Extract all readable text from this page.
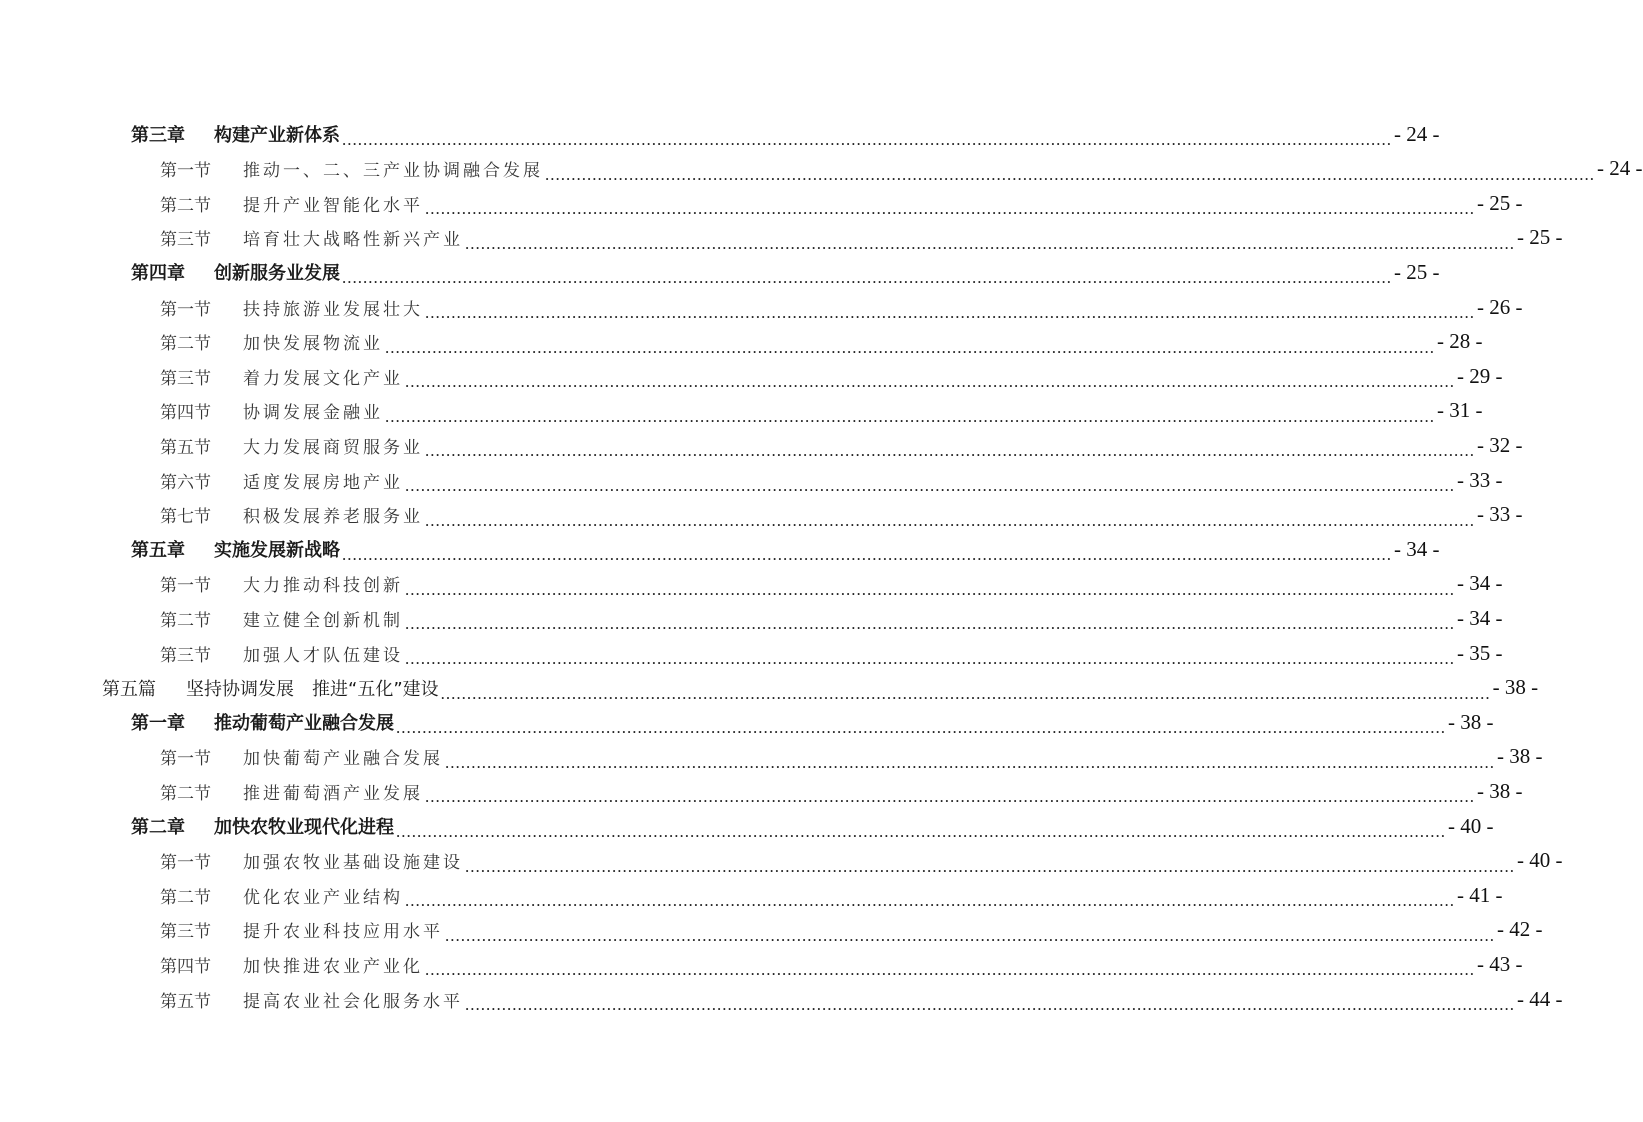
第三章	构建产业新体系 ........................................................................................................................................................................................................ - 24 -
第一节	推动一、二、三产业协调融合发展 ........................................................................................................................................................................................................ - 24 -
第二节	提升产业智能化水平 ........................................................................................................................................................................................................ - 25 -
第三节	培育壮大战略性新兴产业 ........................................................................................................................................................................................................ - 25 -
第四章	创新服务业发展 ........................................................................................................................................................................................................ - 25 -
第一节	扶持旅游业发展壮大 ........................................................................................................................................................................................................ - 26 -
第二节	加快发展物流业 ........................................................................................................................................................................................................ - 28 -
第三节	着力发展文化产业 ........................................................................................................................................................................................................ - 29 -
第四节	协调发展金融业 ........................................................................................................................................................................................................ - 31 -
第五节	大力发展商贸服务业 ........................................................................................................................................................................................................ - 32 -
第六节	适度发展房地产业 ........................................................................................................................................................................................................ - 33 -
第七节	积极发展养老服务业 ........................................................................................................................................................................................................ - 33 -
第五章	实施发展新战略 ........................................................................................................................................................................................................ - 34 -
第一节	大力推动科技创新 ........................................................................................................................................................................................................ - 34 -
第二节	建立健全创新机制 ........................................................................................................................................................................................................ - 34 -
第三节	加强人才队伍建设 ........................................................................................................................................................................................................ - 35 -
第五篇	坚持协调发展　推进“五化”建设 ........................................................................................................................................................................................................ - 38 -
第一章	推动葡萄产业融合发展 ........................................................................................................................................................................................................ - 38 -
第一节	加快葡萄产业融合发展 ........................................................................................................................................................................................................ - 38 -
第二节	推进葡萄酒产业发展 ........................................................................................................................................................................................................ - 38 -
第二章	加快农牧业现代化进程 ........................................................................................................................................................................................................ - 40 -
第一节	加强农牧业基础设施建设 ........................................................................................................................................................................................................ - 40 -
第二节	优化农业产业结构 ........................................................................................................................................................................................................ - 41 -
第三节	提升农业科技应用水平 ........................................................................................................................................................................................................ - 42 -
第四节	加快推进农业产业化 ........................................................................................................................................................................................................ - 43 -
第五节	提高农业社会化服务水平 ........................................................................................................................................................................................................ - 44 -
